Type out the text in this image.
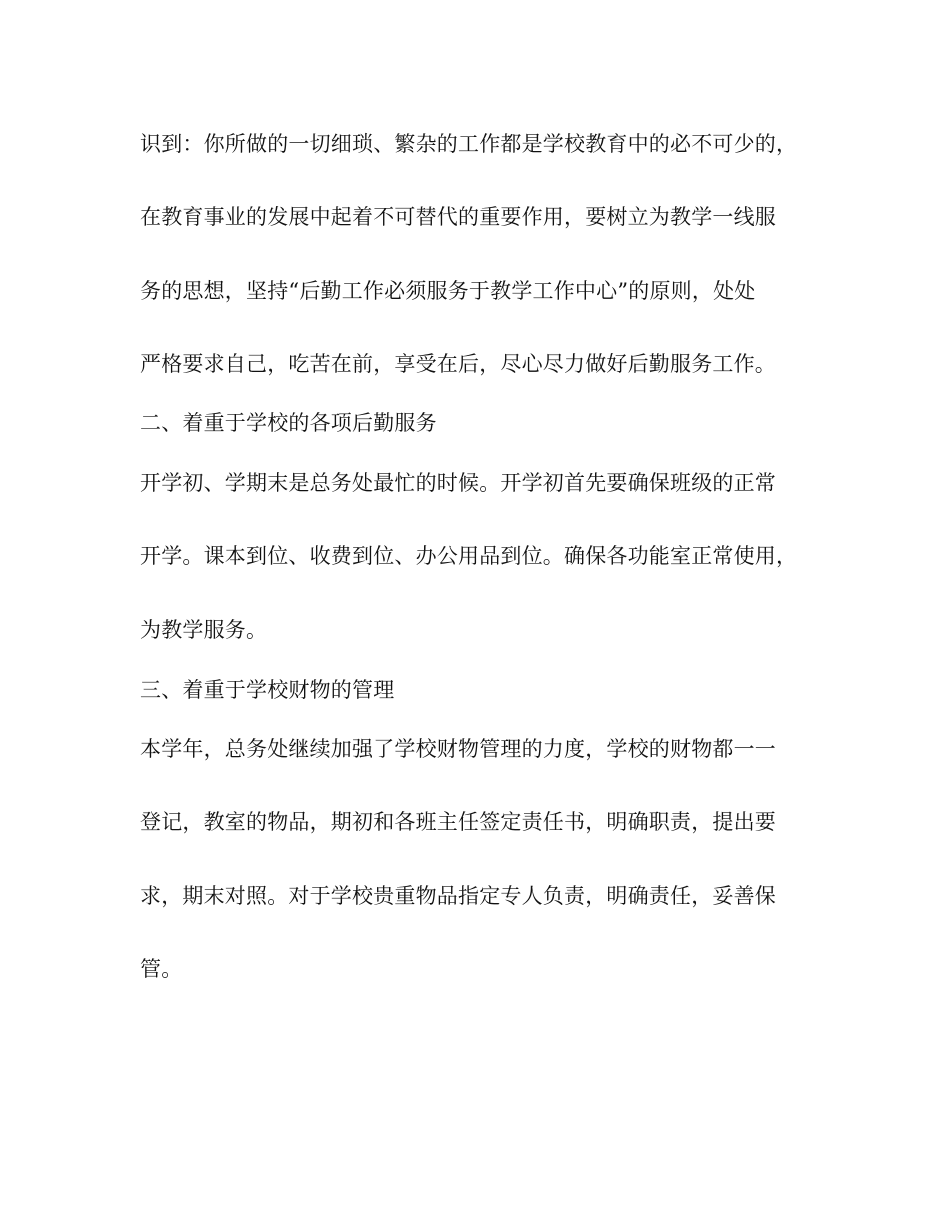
识到：你所做的一切细琐、繁杂的工作都是学校教育中的必不可少的，
在教育事业的发展中起着不可替代的重要作用，要树立为教学一线服
务的思想，坚持“后勤工作必须服务于教学工作中心”的原则，处处
严格要求自己，吃苦在前，享受在后，尽心尽力做好后勤服务工作。
二、着重于学校的各项后勤服务
开学初、学期末是总务处最忙的时候。开学初首先要确保班级的正常
开学。课本到位、收费到位、办公用品到位。确保各功能室正常使用，
为教学服务。
三、着重于学校财物的管理
本学年，总务处继续加强了学校财物管理的力度，学校的财物都一一
登记，教室的物品，期初和各班主任签定责任书，明确职责，提出要
求，期末对照。对于学校贵重物品指定专人负责，明确责任，妥善保
管。
